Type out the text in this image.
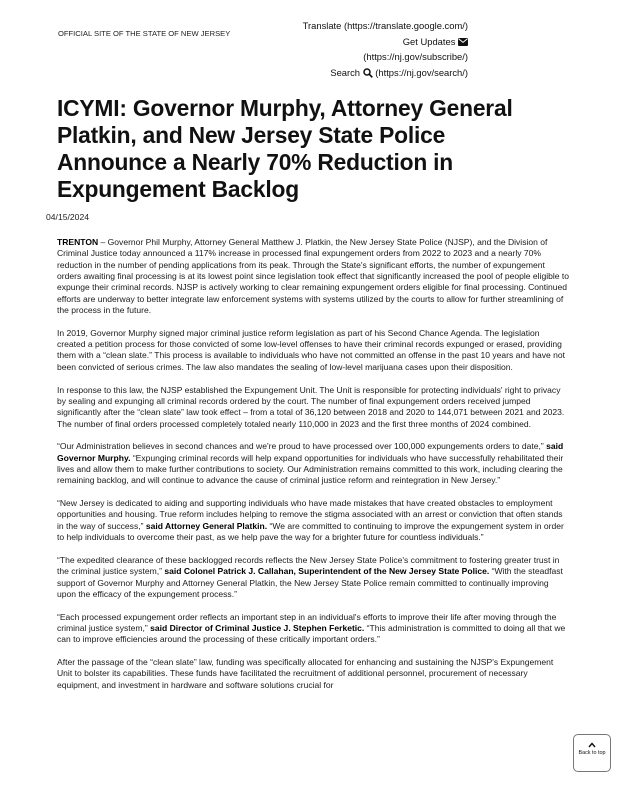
OFFICIAL SITE OF THE STATE OF NEW JERSEY
Translate (https://translate.google.com/)
Get Updates
(https://nj.gov/subscribe/)
Search (https://nj.gov/search/)
ICYMI: Governor Murphy, Attorney General Platkin, and New Jersey State Police Announce a Nearly 70% Reduction in Expungement Backlog
04/15/2024

TRENTON – Governor Phil Murphy, Attorney General Matthew J. Platkin, the New Jersey State Police (NJSP), and the Division of Criminal Justice today announced a 117% increase in processed final expungement orders from 2022 to 2023 and a nearly 70% reduction in the number of pending applications from its peak. Through the State's significant efforts, the number of expungement orders awaiting final processing is at its lowest point since legislation took effect that significantly increased the pool of people eligible to expunge their criminal records. NJSP is actively working to clear remaining expungement orders eligible for final processing. Continued efforts are underway to better integrate law enforcement systems with systems utilized by the courts to allow for further streamlining of the process in the future.

In 2019, Governor Murphy signed major criminal justice reform legislation as part of his Second Chance Agenda. The legislation created a petition process for those convicted of some low-level offenses to have their criminal records expunged or erased, providing them with a “clean slate.” This process is available to individuals who have not committed an offense in the past 10 years and have not been convicted of serious crimes. The law also mandates the sealing of low-level marijuana cases upon their disposition.

In response to this law, the NJSP established the Expungement Unit. The Unit is responsible for protecting individuals' right to privacy by sealing and expunging all criminal records ordered by the court. The number of final expungement orders received jumped significantly after the “clean slate” law took effect – from a total of 36,120 between 2018 and 2020 to 144,071 between 2021 and 2023. The number of final orders processed completely totaled nearly 110,000 in 2023 and the first three months of 2024 combined.

“Our Administration believes in second chances and we're proud to have processed over 100,000 expungements orders to date,” said Governor Murphy. “Expunging criminal records will help expand opportunities for individuals who have successfully rehabilitated their lives and allow them to make further contributions to society. Our Administration remains committed to this work, including clearing the remaining backlog, and will continue to advance the cause of criminal justice reform and reintegration in New Jersey.”

“New Jersey is dedicated to aiding and supporting individuals who have made mistakes that have created obstacles to employment opportunities and housing. True reform includes helping to remove the stigma associated with an arrest or conviction that often stands in the way of success,” said Attorney General Platkin. “We are committed to continuing to improve the expungement system in order to help individuals to overcome their past, as we help pave the way for a brighter future for countless individuals.”

“The expedited clearance of these backlogged records reflects the New Jersey State Police's commitment to fostering greater trust in the criminal justice system,” said Colonel Patrick J. Callahan, Superintendent of the New Jersey State Police. “With the steadfast support of Governor Murphy and Attorney General Platkin, the New Jersey State Police remain committed to continually improving upon the efficacy of the expungement process.”

“Each processed expungement order reflects an important step in an individual's efforts to improve their life after moving through the criminal justice system,” said Director of Criminal Justice J. Stephen Ferketic. “This administration is committed to doing all that we can to improve efficiencies around the processing of these critically important orders.”

After the passage of the “clean slate” law, funding was specifically allocated for enhancing and sustaining the NJSP's Expungement Unit to bolster its capabilities. These funds have facilitated the recruitment of additional personnel, procurement of necessary equipment, and investment in hardware and software solutions crucial for

Back to top
